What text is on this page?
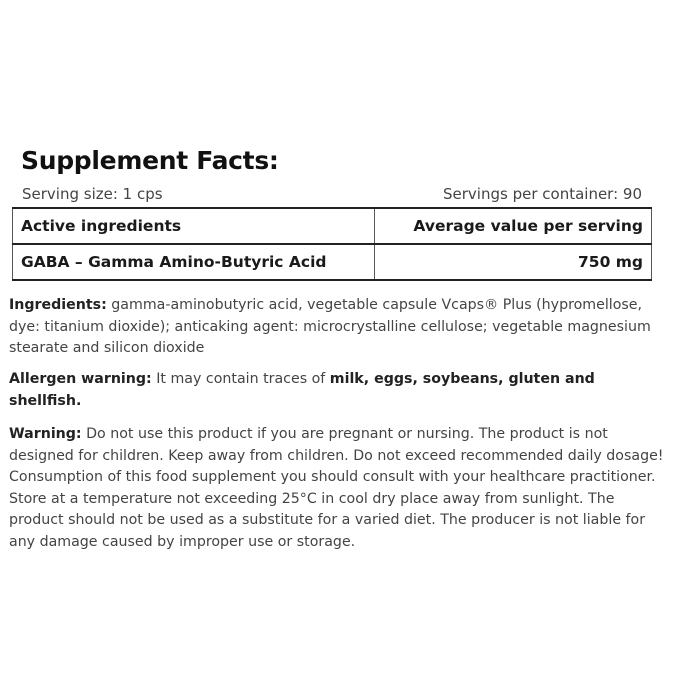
Supplement Facts:
Serving size: 1 cps	Servings per container: 90
Active ingredients	Average value per serving
GABA – Gamma Amino-Butyric Acid	750 mg
Ingredients: gamma-aminobutyric acid, vegetable capsule Vcaps® Plus (hypromellose, dye: titanium dioxide); anticaking agent: microcrystalline cellulose; vegetable magnesium stearate and silicon dioxide
Allergen warning: It may contain traces of milk, eggs, soybeans, gluten and shellfish.
Warning: Do not use this product if you are pregnant or nursing. The product is not designed for children. Keep away from children. Do not exceed recommended daily dosage! Consumption of this food supplement you should consult with your healthcare practitioner. Store at a temperature not exceeding 25°C in cool dry place away from sunlight. The product should not be used as a substitute for a varied diet. The producer is not liable for any damage caused by improper use or storage.
